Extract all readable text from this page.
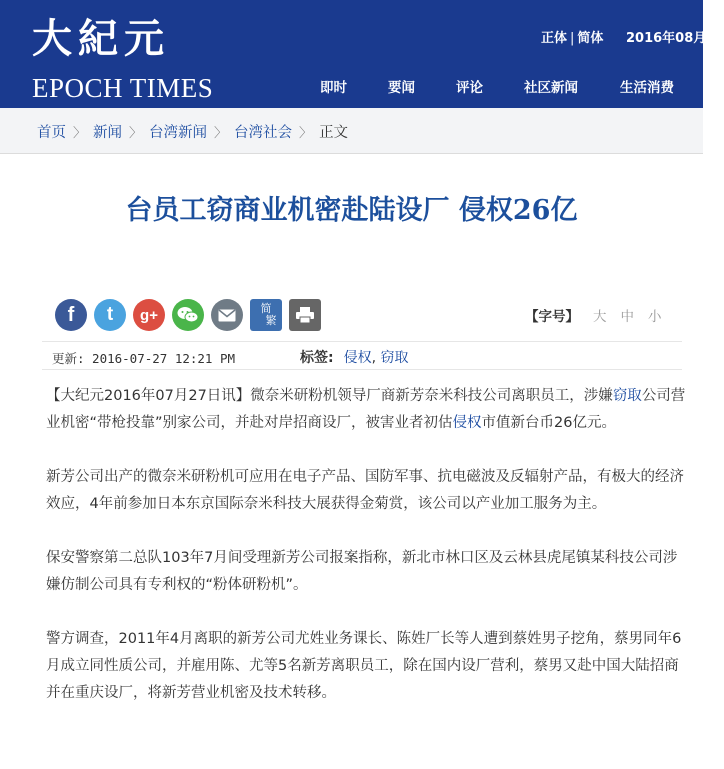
大紀元
EPOCH TIMES
正体 | 简体 2016年08月11
即时	要闻	评论	社区新闻	生活消费
首页 〉 新闻 〉 台湾新闻 〉 台湾社会 〉 正文
台员工窃商业机密赴陆设厂 侵权26亿
f t g+	简
繁	【字号】 大 中 小
更新: 2016-07-27 12:21 PM	标签: 侵权, 窃取

【大纪元2016年07月27日讯】微奈米研粉机领导厂商新芳奈米科技公司离职员工，涉嫌窃取公司营业机密“带枪投靠”别家公司，并赴对岸招商设厂，被害业者初估侵权市值新台币26亿元。

新芳公司出产的微奈米研粉机可应用在电子产品、国防军事、抗电磁波及反辐射产品，有极大的经济效应，4年前参加日本东京国际奈米科技大展获得金菊赏，该公司以产业加工服务为主。

保安警察第二总队103年7月间受理新芳公司报案指称，新北市林口区及云林县虎尾镇某科技公司涉嫌仿制公司具有专利权的“粉体研粉机”。

警方调查，2011年4月离职的新芳公司尤姓业务课长、陈姓厂长等人遭到蔡姓男子挖角，蔡男同年6月成立同性质公司，并雇用陈、尤等5名新芳离职员工，除在国内设厂营利，蔡男又赴中国大陆招商并在重庆设厂，将新芳营业机密及技术转移。
